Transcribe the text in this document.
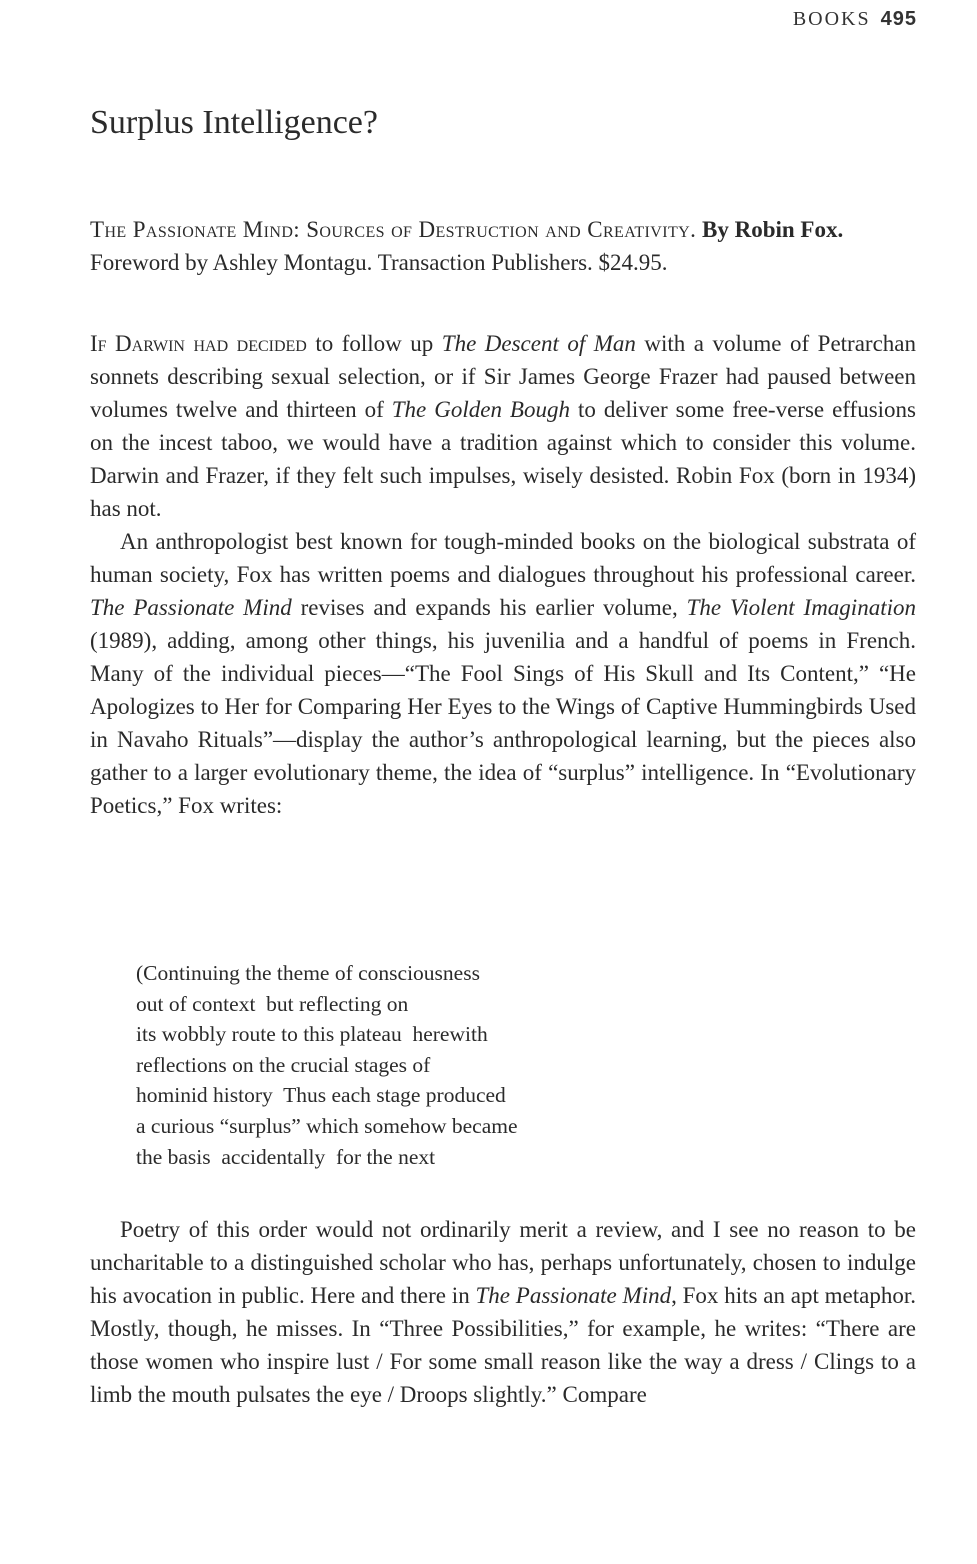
BOOKS 495
Surplus Intelligence?

The Passionate Mind: Sources of Destruction and Creativity. By Robin Fox. Foreword by Ashley Montagu. Transaction Publishers. $24.95.

If Darwin had decided to follow up The Descent of Man with a volume of Petrarchan sonnets describing sexual selection, or if Sir James George Frazer had paused between volumes twelve and thirteen of The Golden Bough to deliver some free-verse effusions on the incest taboo, we would have a tradition against which to consider this volume. Darwin and Frazer, if they felt such impulses, wisely desisted. Robin Fox (born in 1934) has not.

An anthropologist best known for tough-minded books on the biological substrata of human society, Fox has written poems and dialogues throughout his professional career. The Passionate Mind revises and expands his earlier volume, The Violent Imagination (1989), adding, among other things, his juvenilia and a handful of poems in French. Many of the individual pieces—“The Fool Sings of His Skull and Its Content,” “He Apologizes to Her for Comparing Her Eyes to the Wings of Captive Hummingbirds Used in Navaho Rituals”—display the author’s anthropological learning, but the pieces also gather to a larger evolutionary theme, the idea of “surplus” intelligence. In “Evolutionary Poetics,” Fox writes:

(Continuing the theme of consciousness
out of context  but reflecting on
its wobbly route to this plateau  herewith
reflections on the crucial stages of
hominid history  Thus each stage produced
a curious “surplus” which somehow became
the basis  accidentally  for the next

Poetry of this order would not ordinarily merit a review, and I see no reason to be uncharitable to a distinguished scholar who has, perhaps unfortunately, chosen to indulge his avocation in public. Here and there in The Passionate Mind, Fox hits an apt metaphor. Mostly, though, he misses. In “Three Possibilities,” for example, he writes: “There are those women who inspire lust / For some small reason like the way a dress / Clings to a limb the mouth pulsates the eye / Droops slightly.” Compare
